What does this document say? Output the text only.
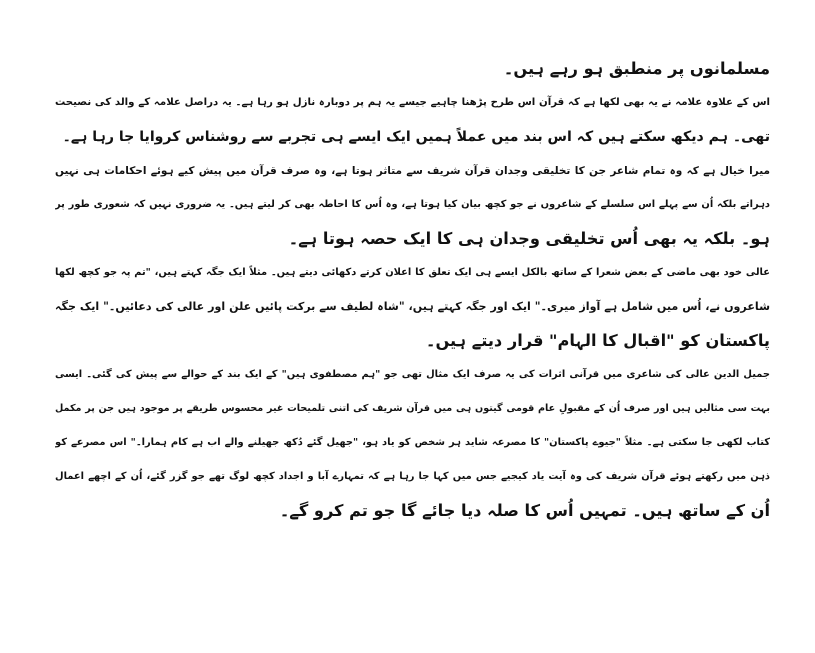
مسلمانوں پر منطبق ہو رہے ہیں۔
اس کے علاوہ علامہ نے یہ بھی لکھا ہے کہ قرآن اس طرح پڑھنا چاہیے جیسے یہ ہم پر دوبارہ نازل ہو رہا ہے۔ یہ دراصل علامہ کے والد کی نصیحت
تھی۔ ہم دیکھ سکتے ہیں کہ اس بند میں عملاً ہمیں ایک ایسے ہی تجربے سے روشناس کروایا جا رہا ہے۔
میرا خیال ہے کہ وہ تمام شاعر جن کا تخلیقی وجدان قرآن شریف سے متاثر ہوتا ہے، وہ صرف قرآن میں پیش کیے ہوئے احکامات ہی نہیں
دہراتے بلکہ اُن سے پہلے اس سلسلے کے شاعروں نے جو کچھ بیان کیا ہوتا ہے، وہ اُس کا احاطہ بھی کر لیتے ہیں۔ یہ ضروری نہیں کہ شعوری طور پر
ہو۔ بلکہ یہ بھی اُس تخلیقی وجدان ہی کا ایک حصہ ہوتا ہے۔
عالی خود بھی ماضی کے بعض شعرا کے ساتھ بالکل ایسے ہی ایک تعلق کا اعلان کرتے دکھائی دیتے ہیں۔ مثلاً ایک جگہ کہتے ہیں، "تم پہ جو کچھ لکھا
شاعروں نے، اُس میں شامل ہے آواز میری۔" ایک اور جگہ کہتے ہیں، "شاہ لطیف سے برکت پائیں علن اور عالی کی دعائیں۔" ایک جگہ
پاکستان کو "اقبال کا الہام" قرار دیتے ہیں۔
جمیل الدین عالی کی شاعری میں قرآنی اثرات کی یہ صرف ایک مثال تھی جو "ہم مصطفوی ہیں" کے ایک بند کے حوالے سے پیش کی گئی۔ ایسی
بہت سی مثالیں ہیں اور صرف اُن کے مقبولِ عام قومی گیتوں ہی میں قرآن شریف کی اتنی تلمیحات غیر محسوس طریقے پر موجود ہیں جن پر مکمل
کتاب لکھی جا سکتی ہے۔ مثلاً "جیوے پاکستان" کا مصرعہ شاید ہر شخص کو یاد ہو، "جھیل گئے دُکھ جھیلنے والے اب ہے کام ہمارا۔" اس مصرعے کو
ذہن میں رکھتے ہوئے قرآن شریف کی وہ آیت یاد کیجیے جس میں کہا جا رہا ہے کہ تمہارے آبا و اجداد کچھ لوگ تھے جو گزر گئے، اُن کے اچھے اعمال
اُن کے ساتھ ہیں۔ تمہیں اُس کا صلہ دیا جائے گا جو تم کرو گے۔
